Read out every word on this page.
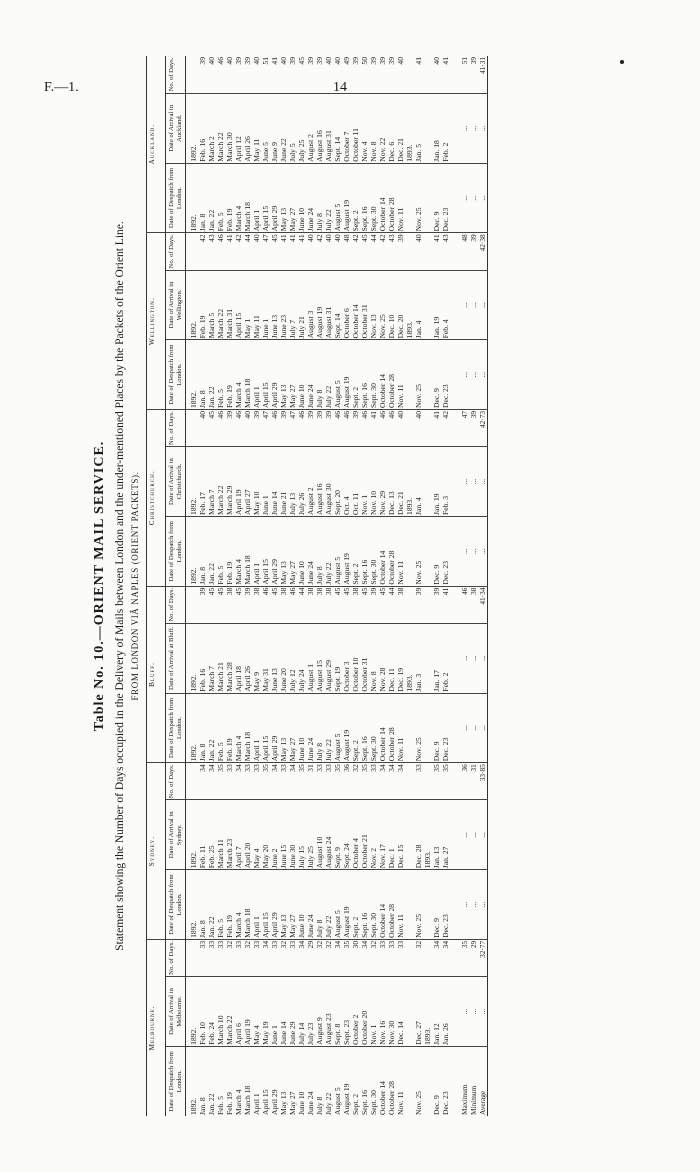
F.—1.	14
Table No. 10.—ORIENT MAIL SERVICE. Statement showing the Number of Days occupied in the Delivery of Mails between London and the under-mentioned Places by the Packets of the Orient Line. FROM LONDON VIÂ NAPLES (ORIENT PACKETS).
Melbourne.			Sydney.			Bluff.			Christchurch.			Wellington.			Auckland.		
Date of Despatch from London.	Date of Arrival in Melbourne.	No. of Days.	Date of Despatch from London.	Date of Arrival in Sydney.	No. of Days.	Date of Despatch from London.	Date of Arrival at Bluff.	No. of Days.	Date of Despatch from London.	Date of Arrival in Christchurch.	No. of Days.	Date of Despatch from London.	Date of Arrival in Wellington.	No. of Days.	Date of Despatch from London.	Date of Arrival in Auckland.	No. of Days.
1892.	1892.		1892.	1892.		1892.	1892.		1892.	1892.		1892.	1892.		1892.	1892.	
Jan. 8	Feb. 10	33	Jan. 8	Feb. 11	34	Jan. 8	Feb. 16	39	Jan. 8	Feb. 17	40	Jan. 8	Feb. 19	42	Jan. 8	Feb. 16	39
Jan. 22	Feb. 24	33	Jan. 22	Feb. 25	34	Jan. 22	March 7	45	Jan. 22	March 7	45	Jan. 22	March 5	43	Jan. 22	March 2	40
Feb. 5	March 10	33	Feb. 5	March 11	35	Feb. 5	March 21	45	Feb. 5	March 22	46	Feb. 5	March 22	46	Feb. 5	March 22	46
Feb. 19	March 22	32	Feb. 19	March 23	33	Feb. 19	March 28	38	Feb. 19	March 29	39	Feb. 19	March 31	41	Feb. 19	March 30	40
March 4	April 6	33	March 4	April 7	34	March 4	April 18	45	March 4	April 19	46	March 4	April 15	42	March 4	April 12	39
March 18	April 19	32	March 18	April 20	33	March 18	April 26	39	March 18	April 27	40	March 18	May 1	44	March 18	April 26	39
April 1	May 4	33	April 1	May 4	33	April 1	May 9	38	April 1	May 10	39	April 1	May 11	40	April 1	May 11	40
April 15	May 19	34	April 15	May 20	35	April 15	May 31	46	April 15	June 1	47	April 15	June 1	47	April 15	June 5	51
April 29	June 1	33	April 29	June 2	34	April 29	June 13	45	April 29	June 14	46	April 29	June 13	45	April 29	June 9	41
May 13	June 14	32	May 13	June 15	33	May 13	June 20	38	May 13	June 21	39	May 13	June 23	41	May 13	June 22	40
May 27	June 29	33	May 27	June 30	34	May 27	July 12	46	May 27	July 13	47	May 27	July 7	41	May 27	July 5	39
June 10	July 14	34	June 10	July 15	35	June 10	July 24	44	June 10	July 26	46	June 10	July 21	41	June 10	July 25	45
June 24	July 23	29	June 24	July 25	31	June 24	August 1	38	June 24	August 2	39	June 24	August 3	40	June 24	August 2	39
July 8	August 9	32	July 8	August 10	33	July 8	August 15	38	July 8	August 16	39	July 8	August 19	42	July 8	August 16	39
July 22	August 23	32	July 22	August 24	33	July 22	August 29	38	July 22	August 30	39	July 22	August 31	40	July 22	August 31	40
August 5	Sept. 8	34	August 5	Sept. 9	35	August 5	Sept. 19	45	August 5	Sept. 20	46	August 5	Sept. 14	40	August 5	Sept. 14	40
August 19	Sept. 23	35	August 19	Sept. 24	36	August 19	October 3	45	August 19	Oct. 4	46	August 19	October 6	48	August 19	October 7	49
Sept. 2	October 2	30	Sept. 2	October 4	32	Sept. 2	October 10	38	Sept. 2	Oct. 11	39	Sept. 2	October 14	42	Sept. 2	October 11	39
Sept. 16	October 20	34	Sept. 16	October 21	35	Sept. 16	October 31	45	Sept. 16	Nov. 1	46	Sept. 16	October 31	45	Sept. 16	Nov. 4	50
Sept. 30	Nov. 1	32	Sept. 30	Nov. 2	33	Sept. 30	Nov. 8	39	Sept. 30	Nov. 10	41	Sept. 30	Nov. 13	44	Sept. 30	Nov. 8	39
October 14	Nov. 16	33	October 14	Nov. 17	34	October 14	Nov. 28	45	October 14	Nov. 29	46	October 14	Nov. 25	42	October 14	Nov. 22	39
October 28	Nov. 30	33	October 28	Dec. 1	34	October 28	Dec. 11	44	October 28	Dec. 13	46	October 28	Dec. 10	43	October 28	Dec. 6	39
Nov. 11	Dec. 14	33	Nov. 11	Dec. 15	34	Nov. 11	Dec. 19	38	Nov. 11	Dec. 21	40	Nov. 11	Dec. 20	39	Nov. 11	Dec. 21	40
							1893.			1893.			1893.			1893.	
Nov. 25	Dec. 27	32	Nov. 25	Dec. 28	33	Nov. 25	Jan. 3	39	Nov. 25	Jan. 4	40	Nov. 25	Jan. 4	40	Nov. 25	Jan. 5	41
	1893.			1893.													
Dec. 9	Jan. 12	34	Dec. 9	Jan. 13	35	Dec. 9	Jan. 17	39	Dec. 9	Jan. 19	41	Dec. 9	Jan. 19	41	Dec. 9	Jan. 18	40
Dec. 23	Jan. 26	34	Dec. 23	Jan. 27	35	Dec. 23	Feb. 2	41	Dec. 23	Feb. 3	42	Dec. 23	Feb. 4	43	Dec. 23	Feb. 2	41

Maximum	...	35	...	...	36	...	...	46	...	...	47	...	...	48	...	...	51
Minimum	...	29	...	...	31	...	...	38	...	...	39	...	...	39	...	...	39
Average	...	32·77	...	...	33·85	...	...	41·34	...	...	42·73	...	...	42·38	...	...	41·31
